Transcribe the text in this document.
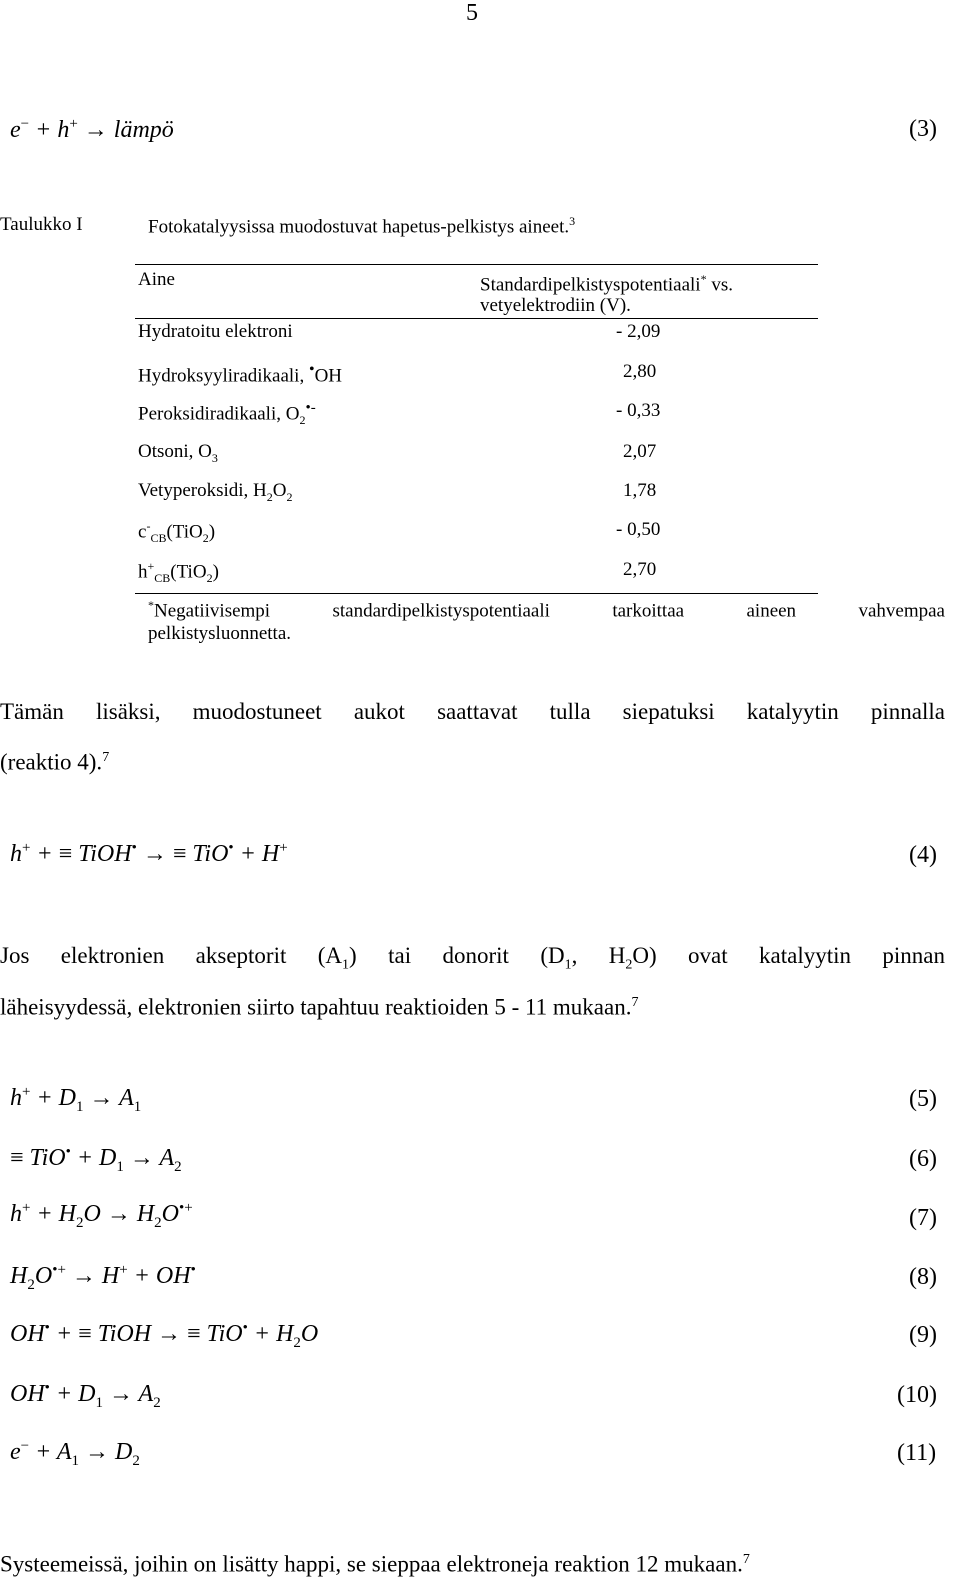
5
e− + h+ → lämpö	(3)
Taulukko I	Fotokatalyysissa muodostuvat hapetus-pelkistys aineet.$^3$
Aine	Standardipelkistyspotentiaali* vs.
vetyelektrodiin (V).
Hydratoitu elektroni	- 2,09
Hydroksyyliradikaali, •OH	2,80
Peroksidiradikaali, $O_2^{•-}$	- 0,33
Otsoni, $O_3$	2,07
Vetyperoksidi, $H_2O_2$	1,78
$c^-_{CB}(TiO_2)$	- 0,50
$h^+_{CB}(TiO_2)$	2,70
*Negatiivisempi standardipelkistyspotentiaali tarkoittaa aineen vahvempaa
pelkistysluonnetta.
Tämän lisäksi, muodostuneet aukot saattavat tulla siepatuksi katalyytin pinnalla
(reaktio 4).$^7$
h+ + ≡ TiOH• → ≡ TiO• + H+	(4)
Jos elektronien akseptorit $(A_1)$ tai donorit ($D_1$, $H_2O$) ovat katalyytin pinnan
läheisyydessä, elektronien siirto tapahtuu reaktioiden 5 - 11 mukaan.$^7$
$h^+ + D_1 \to A_1$	(5)
≡ $TiO^• + D_1 \to A_2$	(6)
$h^+ + H_2O \to H_2O^{•+}$	(7)
$H_2O^{•+} \to H^+ + OH^•$	(8)
OH• + ≡ TiOH → ≡ $TiO^• + H_2O$	(9)
$OH^• + D_1 \to A_2$	(10)
$e^- + A_1 \to D_2$	(11)
Systeemeissä, joihin on lisätty happi, se sieppaa elektroneja reaktion 12 mukaan.$^7$
